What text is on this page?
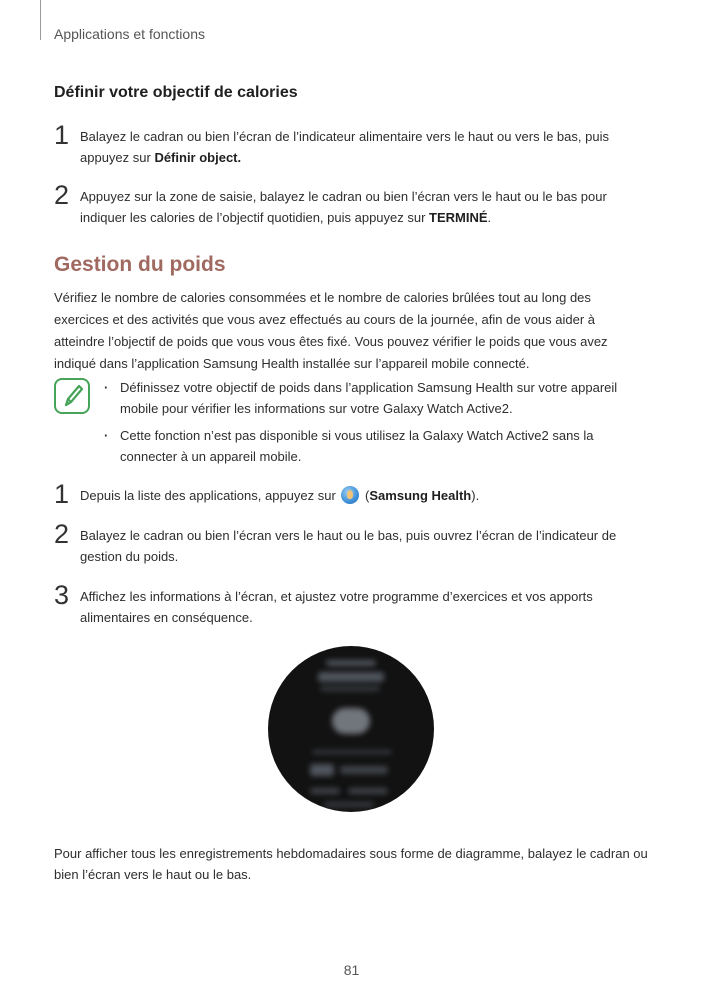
Applications et fonctions
Définir votre objectif de calories
1 Balayez le cadran ou bien l’écran de l’indicateur alimentaire vers le haut ou vers le bas, puis appuyez sur Définir object.
2 Appuyez sur la zone de saisie, balayez le cadran ou bien l’écran vers le haut ou le bas pour indiquer les calories de l’objectif quotidien, puis appuyez sur TERMINÉ.
Gestion du poids
Vérifiez le nombre de calories consommées et le nombre de calories brûlées tout au long des exercices et des activités que vous avez effectués au cours de la journée, afin de vous aider à atteindre l’objectif de poids que vous vous êtes fixé. Vous pouvez vérifier le poids que vous avez indiqué dans l’application Samsung Health installée sur l’appareil mobile connecté.
· Définissez votre objectif de poids dans l’application Samsung Health sur votre appareil mobile pour vérifier les informations sur votre Galaxy Watch Active2.
· Cette fonction n’est pas disponible si vous utilisez la Galaxy Watch Active2 sans la connecter à un appareil mobile.
1 Depuis la liste des applications, appuyez sur  (Samsung Health).
2 Balayez le cadran ou bien l’écran vers le haut ou le bas, puis ouvrez l’écran de l’indicateur de gestion du poids.
3 Affichez les informations à l’écran, et ajustez votre programme d’exercices et vos apports alimentaires en conséquence.
Pour afficher tous les enregistrements hebdomadaires sous forme de diagramme, balayez le cadran ou bien l’écran vers le haut ou le bas.
81
